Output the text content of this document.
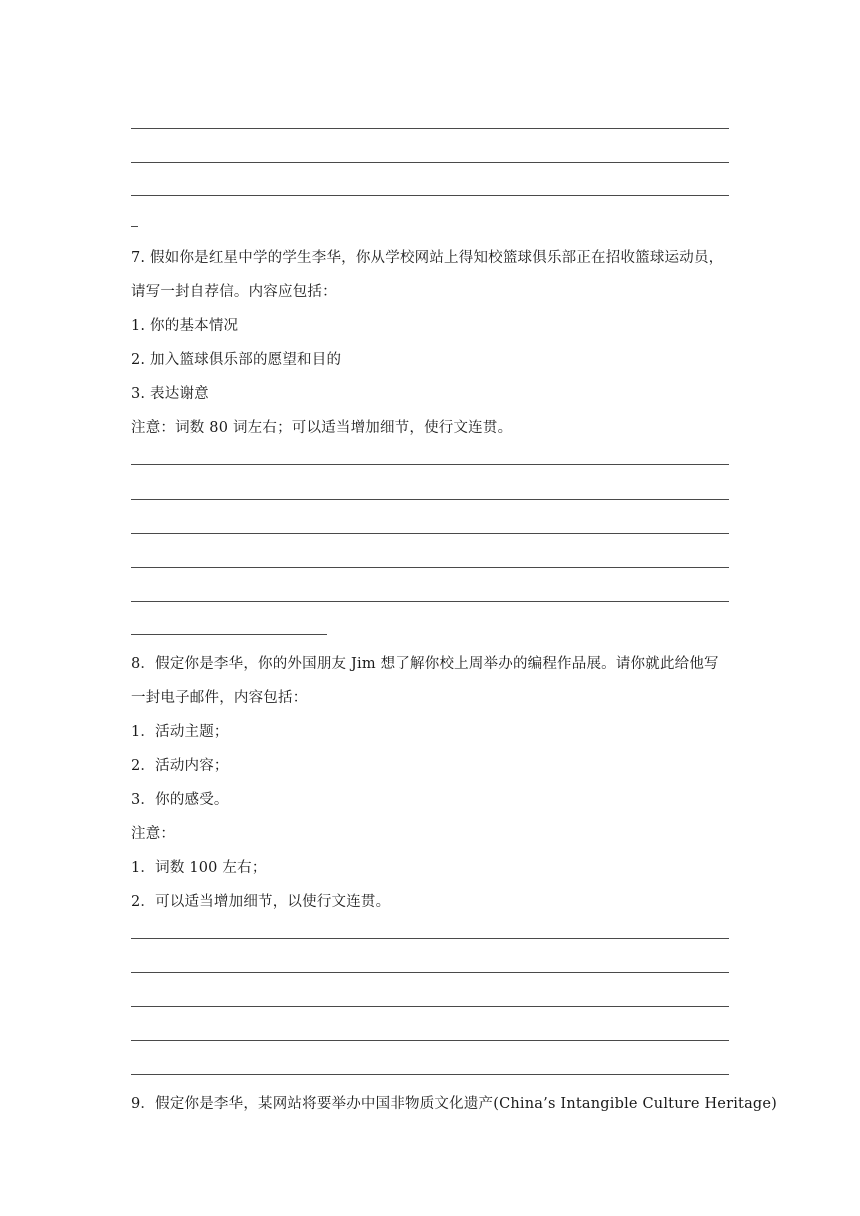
7. 假如你是红星中学的学生李华，你从学校网站上得知校篮球俱乐部正在招收篮球运动员，
请写一封自荐信。内容应包括：
1. 你的基本情况
2. 加入篮球俱乐部的愿望和目的
3. 表达谢意
注意：词数 80 词左右；可以适当增加细节，使行文连贯。
8．假定你是李华，你的外国朋友 Jim 想了解你校上周举办的编程作品展。请你就此给他写
一封电子邮件，内容包括：
1．活动主题；
2．活动内容；
3．你的感受。
注意：
1．词数 100 左右；
2．可以适当增加细节，以使行文连贯。
9．假定你是李华，某网站将要举办中国非物质文化遗产(China’s Intangible Culture Heritage)
